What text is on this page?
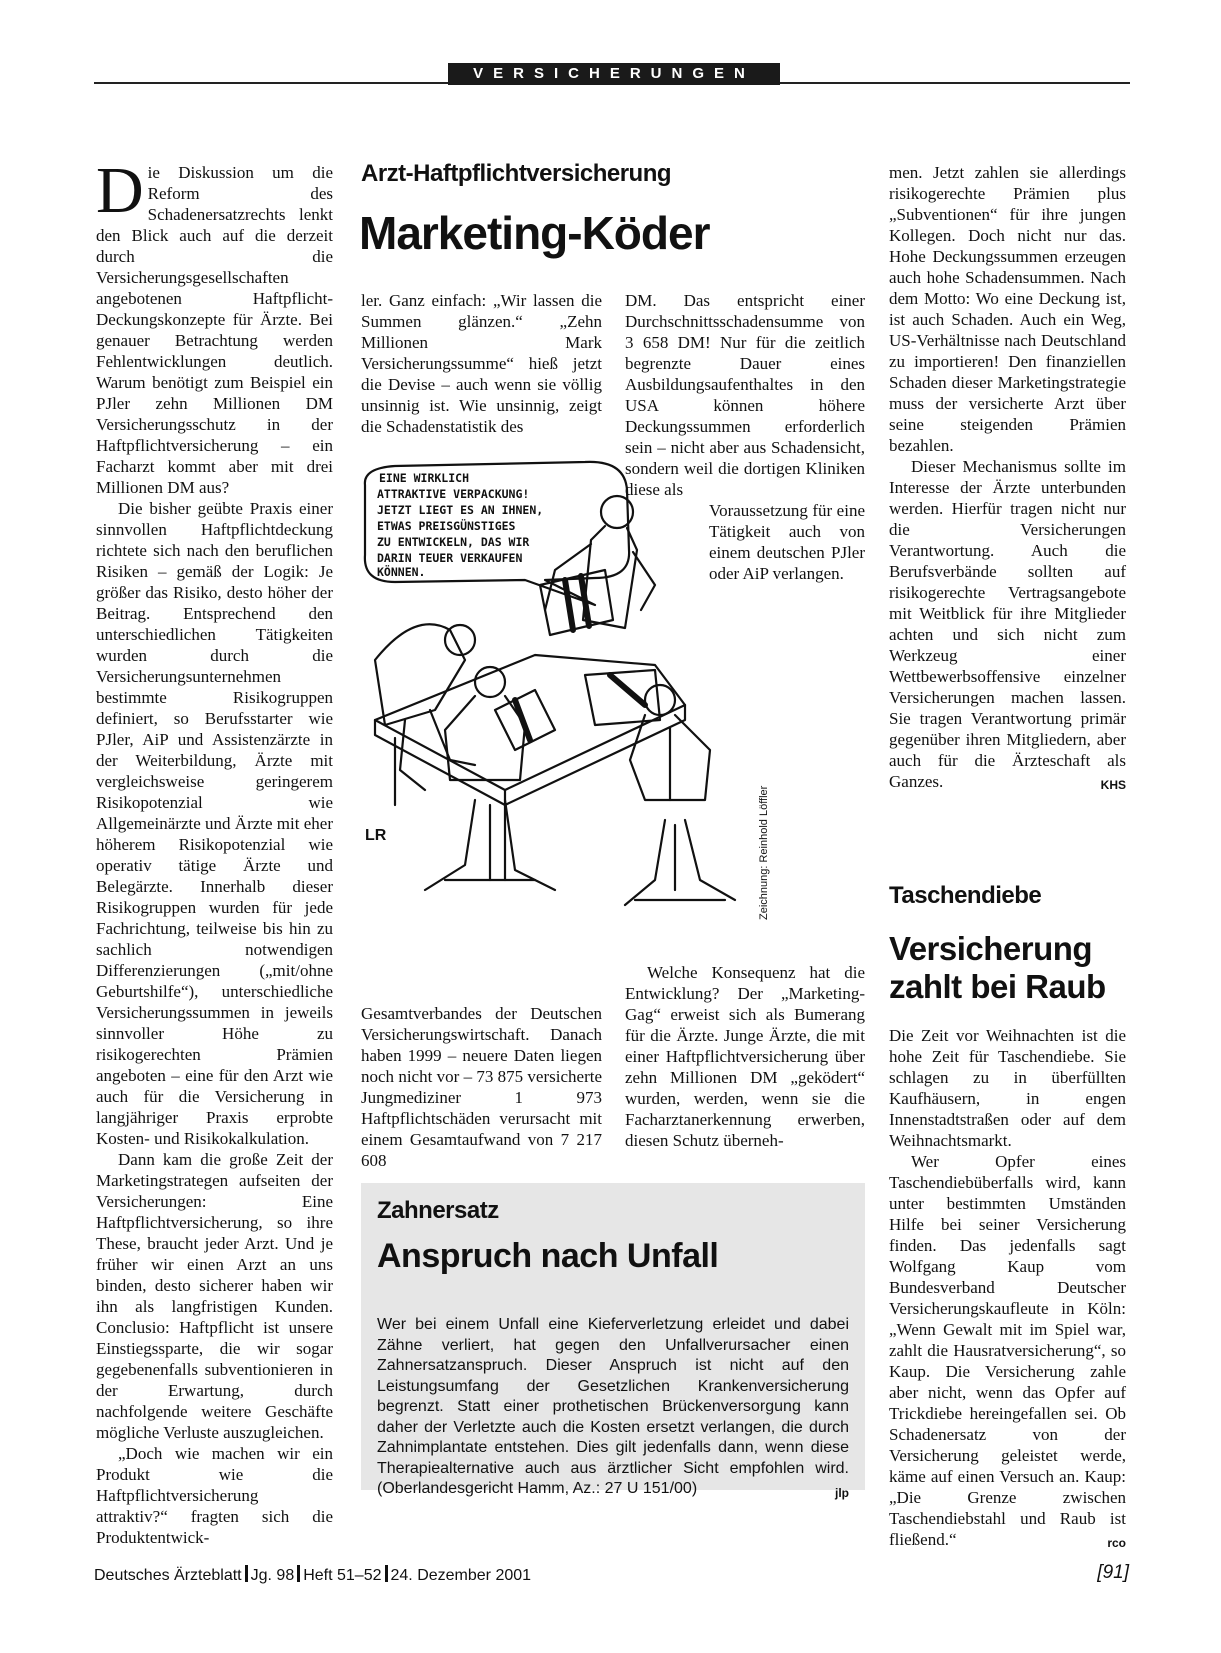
VERSICHERUNGEN

Die Diskussion um die Reform des Schadenersatzrechts lenkt den Blick auch auf die derzeit durch die Versicherungsgesellschaften angebotenen Haftpflicht-Deckungskonzepte für Ärzte. Bei genauer Betrachtung werden Fehlentwicklungen deutlich. Warum benötigt zum Beispiel ein PJler zehn Millionen DM Versicherungsschutz in der Haftpflichtversicherung – ein Facharzt kommt aber mit drei Millionen DM aus?

Die bisher geübte Praxis einer sinnvollen Haftpflichtdeckung richtete sich nach den beruflichen Risiken – gemäß der Logik: Je größer das Risiko, desto höher der Beitrag. Entsprechend den unterschiedlichen Tätigkeiten wurden durch die Versicherungsunternehmen bestimmte Risikogruppen definiert, so Berufsstarter wie PJler, AiP und Assistenzärzte in der Weiterbildung, Ärzte mit vergleichsweise geringerem Risikopotenzial wie Allgemeinärzte und Ärzte mit eher höherem Risikopotenzial wie operativ tätige Ärzte und Belegärzte. Innerhalb dieser Risikogruppen wurden für jede Fachrichtung, teilweise bis hin zu sachlich notwendigen Differenzierungen („mit/ohne Geburtshilfe“), unterschiedliche Versicherungssummen in jeweils sinnvoller Höhe zu risikogerechten Prämien angeboten – eine für den Arzt wie auch für die Versicherung in langjähriger Praxis erprobte Kosten- und Risikokalkulation.

Dann kam die große Zeit der Marketingstrategen aufseiten der Versicherungen: Eine Haftpflichtversicherung, so ihre These, braucht jeder Arzt. Und je früher wir einen Arzt an uns binden, desto sicherer haben wir ihn als langfristigen Kunden. Conclusio: Haftpflicht ist unsere Einstiegssparte, die wir sogar gegebenenfalls subventionieren in der Erwartung, durch nachfolgende weitere Geschäfte mögliche Verluste auszugleichen.

„Doch wie machen wir ein Produkt wie die Haftpflichtversicherung attraktiv?“ fragten sich die Produktentwick-

Arzt-Haftpflichtversicherung
Marketing-Köder

ler. Ganz einfach: „Wir lassen die Summen glänzen.“ „Zehn Millionen Mark Versicherungssumme“ hieß jetzt die Devise – auch wenn sie völlig unsinnig ist. Wie unsinnig, zeigt die Schadenstatistik des

DM. Das entspricht einer Durchschnittsschadensumme von 3 658 DM! Nur für die zeitlich begrenzte Dauer eines Ausbildungsaufenthaltes in den USA können höhere Deckungssummen erforderlich sein – nicht aber aus Schadensicht, sondern weil die dortigen Kliniken diese als

Voraussetzung für eine Tätigkeit auch von einem deutschen PJler oder AiP verlangen.

EINE WIRKLICH
ATTRAKTIVE VERPACKUNG!
JETZT LIEGT ES AN IHNEN,
ETWAS PREISGÜNSTIGES
ZU ENTWICKELN, DAS WIR
DARIN TEUER VERKAUFEN
KÖNNEN.
LR	Zeichnung: Reinhold Löffler

Gesamtverbandes der Deutschen Versicherungswirtschaft. Danach haben 1999 – neuere Daten liegen noch nicht vor – 73 875 versicherte Jungmediziner 1 973 Haftpflichtschäden verursacht mit einem Gesamtaufwand von 7 217 608

Welche Konsequenz hat die Entwicklung? Der „Marketing-Gag“ erweist sich als Bumerang für die Ärzte. Junge Ärzte, die mit einer Haftpflichtversicherung über zehn Millionen DM „geködert“ wurden, werden, wenn sie die Facharztanerkennung erwerben, diesen Schutz überneh-

men. Jetzt zahlen sie allerdings risikogerechte Prämien plus „Subventionen“ für ihre jungen Kollegen. Doch nicht nur das. Hohe Deckungssummen erzeugen auch hohe Schadensummen. Nach dem Motto: Wo eine Deckung ist, ist auch Schaden. Auch ein Weg, US-Verhältnisse nach Deutschland zu importieren! Den finanziellen Schaden dieser Marketingstrategie muss der versicherte Arzt über seine steigenden Prämien bezahlen.

Dieser Mechanismus sollte im Interesse der Ärzte unterbunden werden. Hierfür tragen nicht nur die Versicherungen Verantwortung. Auch die Berufsverbände sollten auf risikogerechte Vertragsangebote mit Weitblick für ihre Mitglieder achten und sich nicht zum Werkzeug einer Wettbewerbsoffensive einzelner Versicherungen machen lassen. Sie tragen Verantwortung primär gegenüber ihren Mitgliedern, aber auch für die Ärzteschaft als Ganzes.	KHS

Taschendiebe
Versicherung
zahlt bei Raub

Die Zeit vor Weihnachten ist die hohe Zeit für Taschendiebe. Sie schlagen zu in überfüllten Kaufhäusern, in engen Innenstadtstraßen oder auf dem Weihnachtsmarkt.

Wer Opfer eines Taschendiebüberfalls wird, kann unter bestimmten Umständen Hilfe bei seiner Versicherung finden. Das jedenfalls sagt Wolfgang Kaup vom Bundesverband Deutscher Versicherungskaufleute in Köln: „Wenn Gewalt mit im Spiel war, zahlt die Hausratversicherung“, so Kaup. Die Versicherung zahle aber nicht, wenn das Opfer auf Trickdiebe hereingefallen sei. Ob Schadenersatz von der Versicherung geleistet werde, käme auf einen Versuch an. Kaup: „Die Grenze zwischen Taschendiebstahl und Raub ist fließend.“	rco

Zahnersatz
Anspruch nach Unfall
Wer bei einem Unfall eine Kieferverletzung erleidet und dabei Zähne verliert, hat gegen den Unfallverursacher einen Zahnersatzanspruch. Dieser Anspruch ist nicht auf den Leistungsumfang der Gesetzlichen Krankenversicherung begrenzt. Statt einer prothetischen Brückenversorgung kann daher der Verletzte auch die Kosten ersetzt verlangen, die durch Zahnimplantate entstehen. Dies gilt jedenfalls dann, wenn diese Therapiealternative auch aus ärztlicher Sicht empfohlen wird. (Oberlandesgericht Hamm, Az.: 27 U 151/00)	jlp
Deutsches Ärzteblatt Jg. 98 Heft 51–52 24. Dezember 2001	[91]
